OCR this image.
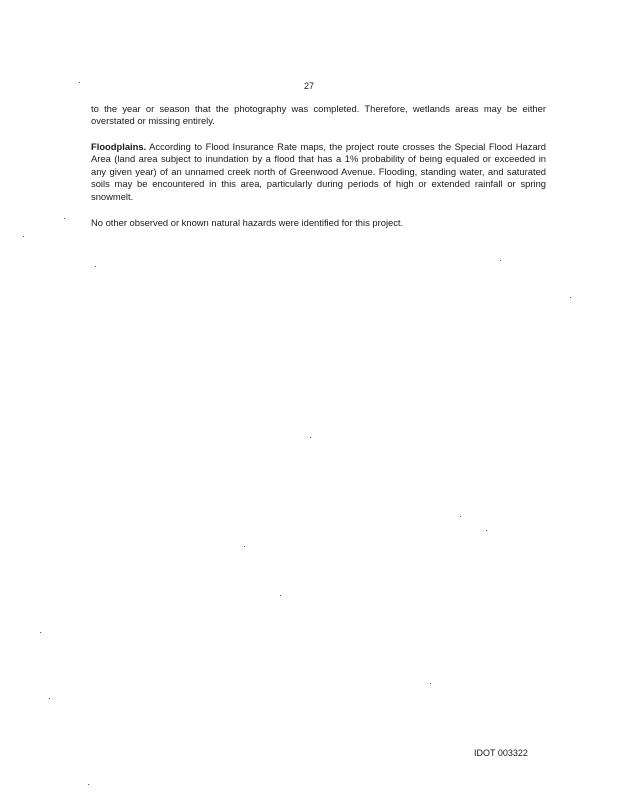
27

to the year or season that the photography was completed. Therefore, wetlands areas may be either overstated or missing entirely.

Floodplains. According to Flood Insurance Rate maps, the project route crosses the Special Flood Hazard Area (land area subject to inundation by a flood that has a 1% probability of being equaled or exceeded in any given year) of an unnamed creek north of Greenwood Avenue. Flooding, standing water, and saturated soils may be encountered in this area, particularly during periods of high or extended rainfall or spring snowmelt.

No other observed or known natural hazards were identified for this project.

IDOT 003322
